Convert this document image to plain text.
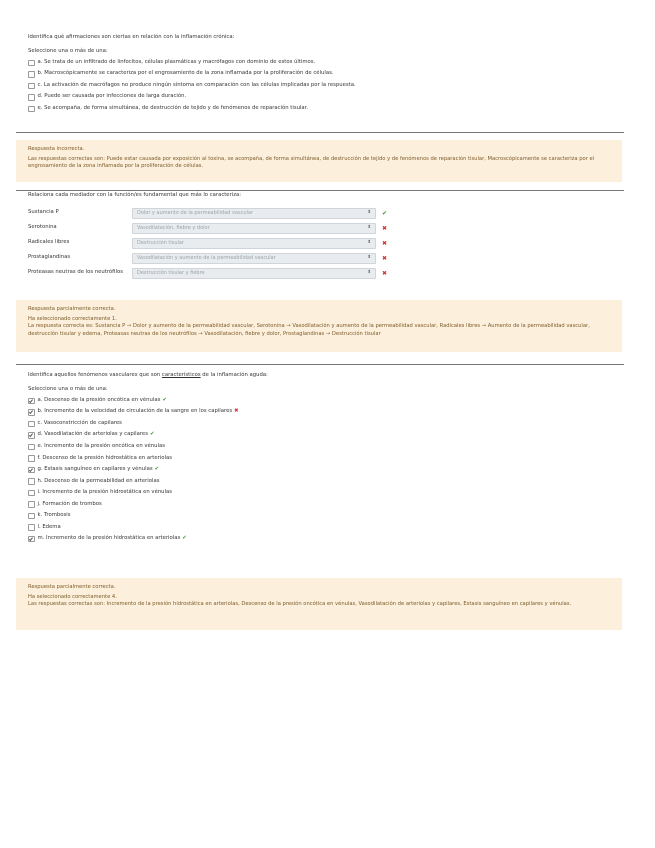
Identifica qué afirmaciones son ciertas en relación con la inflamación crónica:
Seleccione una o más de una:
a. Se trata de un infiltrado de linfocitos, células plasmáticas y macrófagos con dominio de estos últimos.
b. Macroscópicamente se caracteriza por el engrosamiento de la zona inflamada por la proliferación de células.
c. La activación de macrófagos no produce ningún síntoma en comparación con las células implicadas por la respuesta.
d. Puede ser causada por infecciones de larga duración.
e. Se acompaña, de forma simultánea, de destrucción de tejido y de fenómenos de reparación tisular.
Respuesta incorrecta.
Las respuestas correctas son: Puede estar causada por exposición al toxina, se acompaña, de forma simultánea, de destrucción de tejido y de fenómenos de reparación tisular, Macroscópicamente se caracteriza por el engrosamiento de la zona inflamada por la proliferación de células.
Relaciona cada mediador con la función/es fundamental que más lo caracteriza:
Sustancia P	Dolor y aumento de la permeabilidad vascular	⬍ ✔
Serotonina	Vasodilatación, fiebre y dolor	⬍ ✖
Radicales libres	Destrucción tisular	⬍ ✖
Prostaglandinas	Vasodilatación y aumento de la permeabilidad vascular	⬍ ✖
Proteasas neutras de los neutrófilos	Destrucción tisular y fiebre	⬍ ✖
Respuesta parcialmente correcta.
Ha seleccionado correctamente 1.
La respuesta correcta es: Sustancia P → Dolor y aumento de la permeabilidad vascular, Serotonina → Vasodilatación y aumento de la permeabilidad vascular, Radicales libres → Aumento de la permeabilidad vascular, destrucción tisular y edema, Proteasas neutras de los neutrófilos → Vasodilatación, fiebre y dolor, Prostaglandinas → Destrucción tisular
Identifica aquellos fenómenos vasculares que son característicos de la inflamación aguda:
Seleccione una o más de una:
a. Descenso de la presión oncótica en vénulas ✔
b. Incremento de la velocidad de circulación de la sangre en los capilares ✖
c. Vasoconstricción de capilares
d. Vasodilatación de arteriolas y capilares ✔
e. Incremento de la presión oncótica en vénulas
f. Descenso de la presión hidrostática en arteriolas
g. Estasis sanguíneo en capilares y vénulas ✔
h. Descenso de la permeabilidad en arteriolas
i. Incremento de la presión hidrostática en vénulas
j. Formación de trombos
k. Trombosis
l. Edema
m. Incremento de la presión hidrostática en arteriolas ✔
Respuesta parcialmente correcta.
Ha seleccionado correctamente 4.
Las respuestas correctas son: Incremento de la presión hidrostática en arteriolas, Descenso de la presión oncótica en vénulas, Vasodilatación de arteriolas y capilares, Estasis sanguíneo en capilares y vénulas.
